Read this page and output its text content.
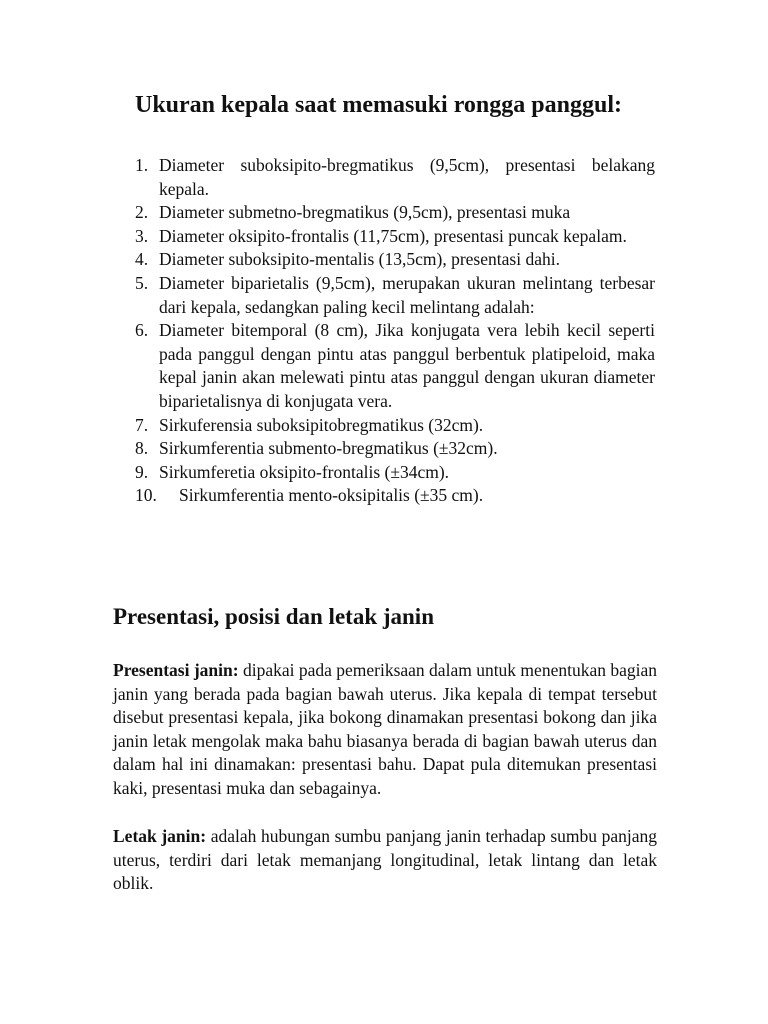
Ukuran kepala saat memasuki rongga panggul:
1. Diameter suboksipito-bregmatikus (9,5cm), presentasi belakang kepala.
2. Diameter submetno-bregmatikus (9,5cm), presentasi muka
3. Diameter oksipito-frontalis (11,75cm), presentasi puncak kepalam.
4. Diameter suboksipito-mentalis (13,5cm), presentasi dahi.
5. Diameter biparietalis (9,5cm), merupakan ukuran melintang terbesar dari kepala, sedangkan paling kecil melintang adalah:
6. Diameter bitemporal (8 cm), Jika konjugata vera lebih kecil seperti pada panggul dengan pintu atas panggul berbentuk platipeloid, maka kepal janin akan melewati pintu atas panggul dengan ukuran diameter biparietalisnya di konjugata vera.
7. Sirkuferensia suboksipitobregmatikus (32cm).
8. Sirkumferentia submento-bregmatikus (±32cm).
9. Sirkumferetia oksipito-frontalis (±34cm).
10.	Sirkumferentia mento-oksipitalis (±35 cm).
Presentasi, posisi dan letak janin

Presentasi janin: dipakai pada pemeriksaan dalam untuk menentukan bagian janin yang berada pada bagian bawah uterus. Jika kepala di tempat tersebut disebut presentasi kepala, jika bokong dinamakan presentasi bokong dan jika janin letak mengolak maka bahu biasanya berada di bagian bawah uterus dan dalam hal ini dinamakan: presentasi bahu. Dapat pula ditemukan presentasi kaki, presentasi muka dan sebagainya.

Letak janin: adalah hubungan sumbu panjang janin terhadap sumbu panjang uterus, terdiri dari letak memanjang longitudinal, letak lintang dan letak oblik.
